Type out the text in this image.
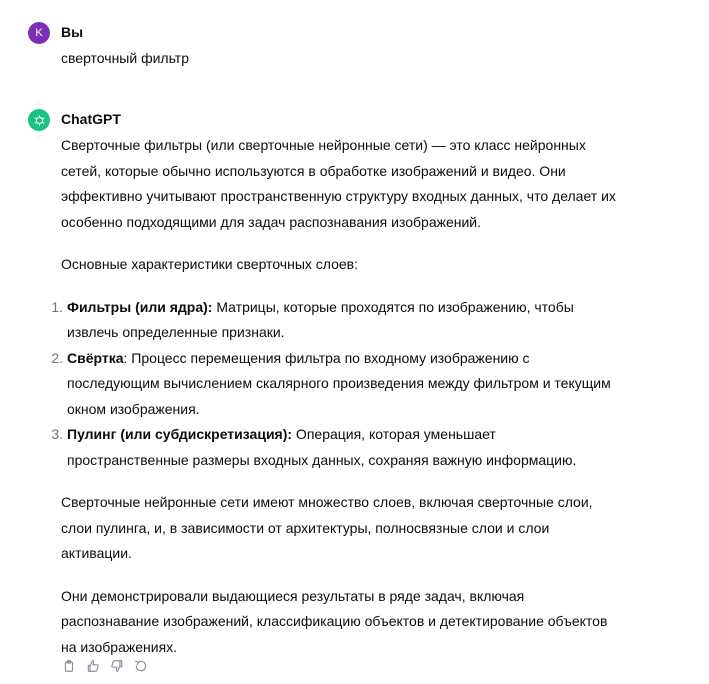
K Вы

сверточный фильтр

ChatGPT

Сверточные фильтры (или сверточные нейронные сети) — это класс нейронных сетей, которые обычно используются в обработке изображений и видео. Они эффективно учитывают пространственную структуру входных данных, что делает их особенно подходящими для задач распознавания изображений.

Основные характеристики сверточных слоев:

1. Фильтры (или ядра): Матрицы, которые проходятся по изображению, чтобы извлечь определенные признаки.
2. Свёртка: Процесс перемещения фильтра по входному изображению с последующим вычислением скалярного произведения между фильтром и текущим окном изображения.
3. Пулинг (или субдискретизация): Операция, которая уменьшает пространственные размеры входных данных, сохраняя важную информацию.

Сверточные нейронные сети имеют множество слоев, включая сверточные слои, слои пулинга, и, в зависимости от архитектуры, полносвязные слои и слои активации.

Они демонстрировали выдающиеся результаты в ряде задач, включая распознавание изображений, классификацию объектов и детектирование объектов на изображениях.
